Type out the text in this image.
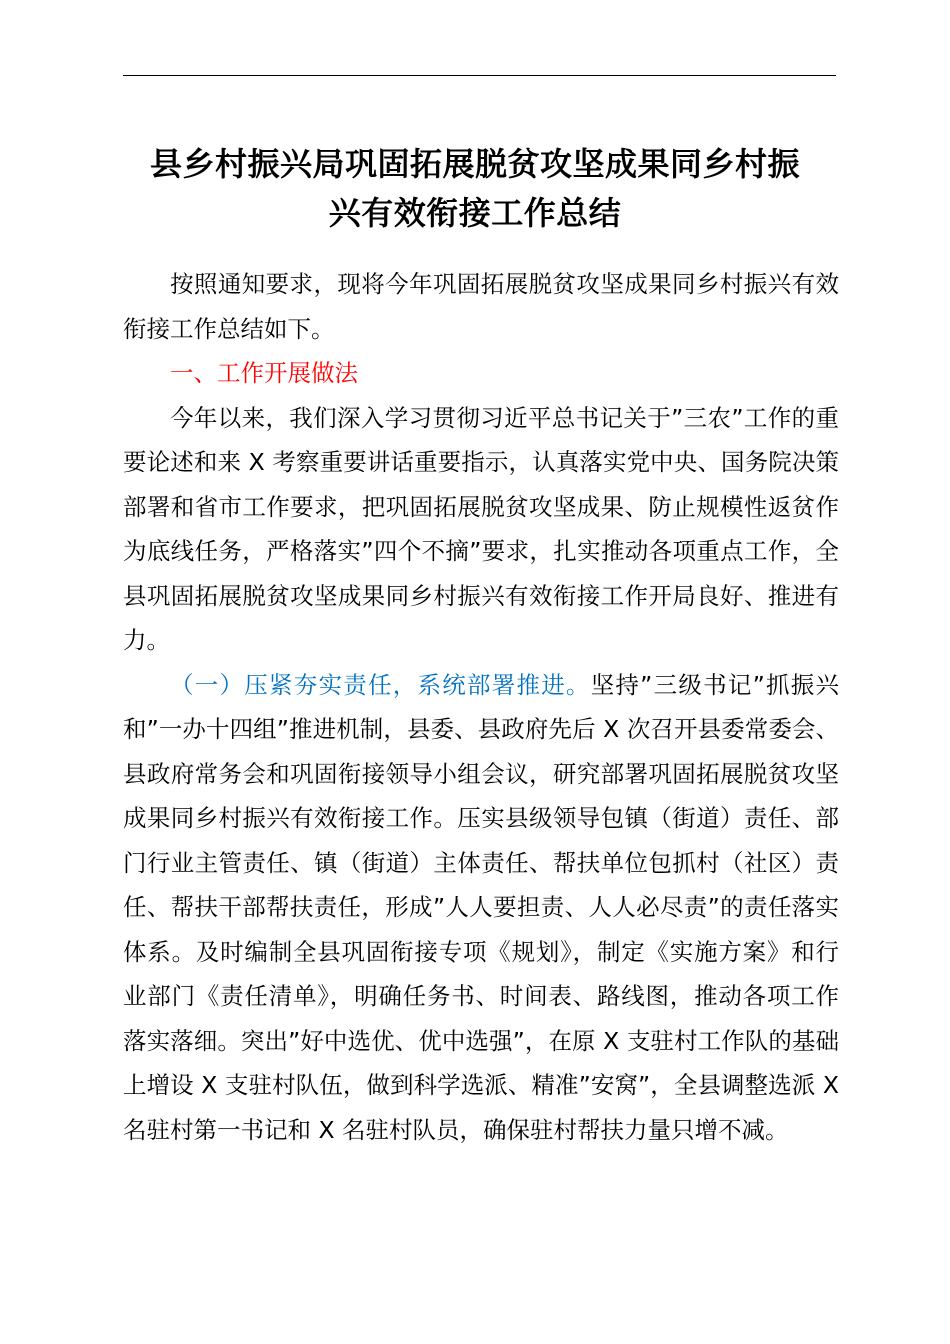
县乡村振兴局巩固拓展脱贫攻坚成果同乡村振
兴有效衔接工作总结

按照通知要求，现将今年巩固拓展脱贫攻坚成果同乡村振兴有效衔接工作总结如下。

一、工作开展做法

今年以来，我们深入学习贯彻习近平总书记关于”三农”工作的重要论述和来 X 考察重要讲话重要指示，认真落实党中央、国务院决策部署和省市工作要求，把巩固拓展脱贫攻坚成果、防止规模性返贫作为底线任务，严格落实”四个不摘”要求，扎实推动各项重点工作，全县巩固拓展脱贫攻坚成果同乡村振兴有效衔接工作开局良好、推进有力。

（一）压紧夯实责任，系统部署推进。坚持”三级书记”抓振兴和”一办十四组”推进机制，县委、县政府先后 X 次召开县委常委会、县政府常务会和巩固衔接领导小组会议，研究部署巩固拓展脱贫攻坚成果同乡村振兴有效衔接工作。压实县级领导包镇（街道）责任、部门行业主管责任、镇（街道）主体责任、帮扶单位包抓村（社区）责任、帮扶干部帮扶责任，形成”人人要担责、人人必尽责”的责任落实体系。及时编制全县巩固衔接专项《规划》，制定《实施方案》和行业部门《责任清单》，明确任务书、时间表、路线图，推动各项工作落实落细。突出”好中选优、优中选强”，在原 X 支驻村工作队的基础上增设 X 支驻村队伍，做到科学选派、精准”安窝”，全县调整选派 X 名驻村第一书记和 X 名驻村队员，确保驻村帮扶力量只增不减。
